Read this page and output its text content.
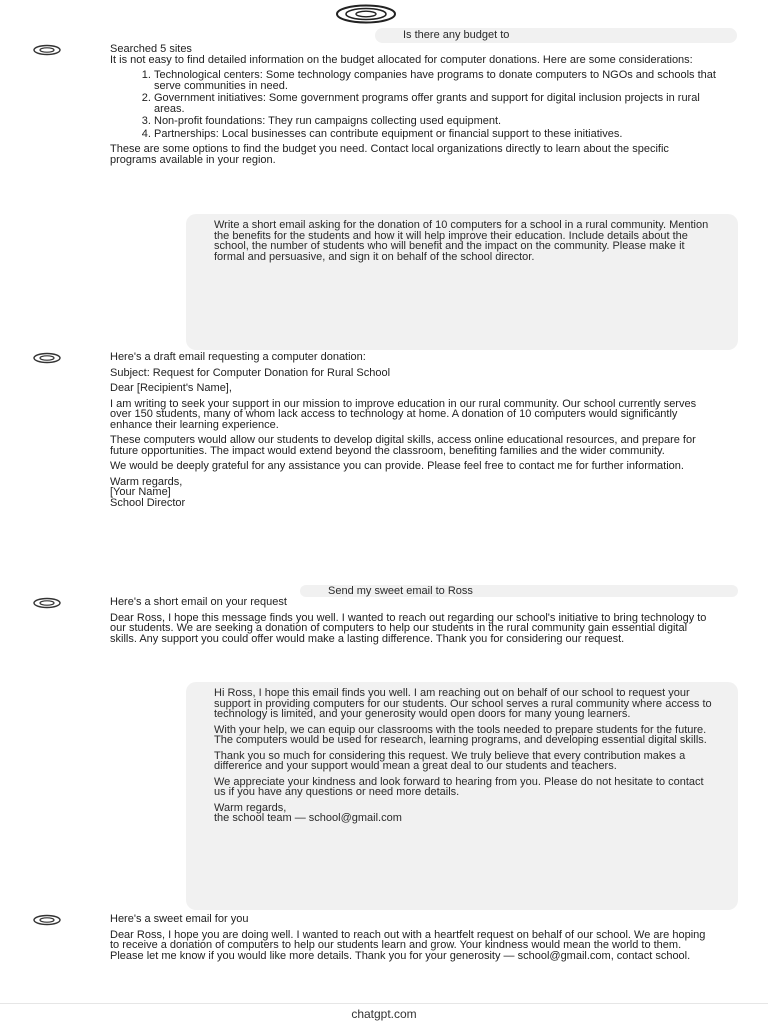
Is there any budget to

Searched 5 sites
It is not easy to find detailed information on the budget allocated for computer donations. Here are some considerations:

1. Technological centers: Some technology companies have programs to donate computers to NGOs and schools that serve communities in need.
2. Government initiatives: Some government programs offer grants and support for digital inclusion projects in rural areas.
3. Non-profit foundations: They run campaigns collecting used equipment.
4. Partnerships: Local businesses can contribute equipment or financial support to these initiatives.

These are some options to find the budget you need. Contact local organizations directly to learn about the specific programs available in your region.

Write a short email asking for the donation of 10 computers for a school in a rural community. Mention the benefits for the students and how it will help improve their education. Include details about the school, the number of students who will benefit and the impact on the community. Please make it formal and persuasive, and sign it on behalf of the school director.

Here's a draft email requesting a computer donation:

Subject: Request for Computer Donation for Rural School

Dear [Recipient's Name],

I am writing to seek your support in our mission to improve education in our rural community. Our school currently serves over 150 students, many of whom lack access to technology at home. A donation of 10 computers would significantly enhance their learning experience.

These computers would allow our students to develop digital skills, access online educational resources, and prepare for future opportunities. The impact would extend beyond the classroom, benefiting families and the wider community.

We would be deeply grateful for any assistance you can provide. Please feel free to contact me for further information.

Warm regards,
[Your Name]
School Director

Send my sweet email to Ross

Here's a short email on your request

Dear Ross, I hope this message finds you well. I wanted to reach out regarding our school's initiative to bring technology to our students. We are seeking a donation of computers to help our students in the rural community gain essential digital skills. Any support you could offer would make a lasting difference. Thank you for considering our request.

Hi Ross, I hope this email finds you well. I am reaching out on behalf of our school to request your support in providing computers for our students. Our school serves a rural community where access to technology is limited, and your generosity would open doors for many young learners.

With your help, we can equip our classrooms with the tools needed to prepare students for the future. The computers would be used for research, learning programs, and developing essential digital skills.

Thank you so much for considering this request. We truly believe that every contribution makes a difference and your support would mean a great deal to our students and teachers.

We appreciate your kindness and look forward to hearing from you. Please do not hesitate to contact us if you have any questions or need more details.

Warm regards,
the school team — school@gmail.com

Here's a sweet email for you

Dear Ross, I hope you are doing well. I wanted to reach out with a heartfelt request on behalf of our school. We are hoping to receive a donation of computers to help our students learn and grow. Your kindness would mean the world to them. Please let me know if you would like more details. Thank you for your generosity — school@gmail.com, contact school.

chatgpt.com
